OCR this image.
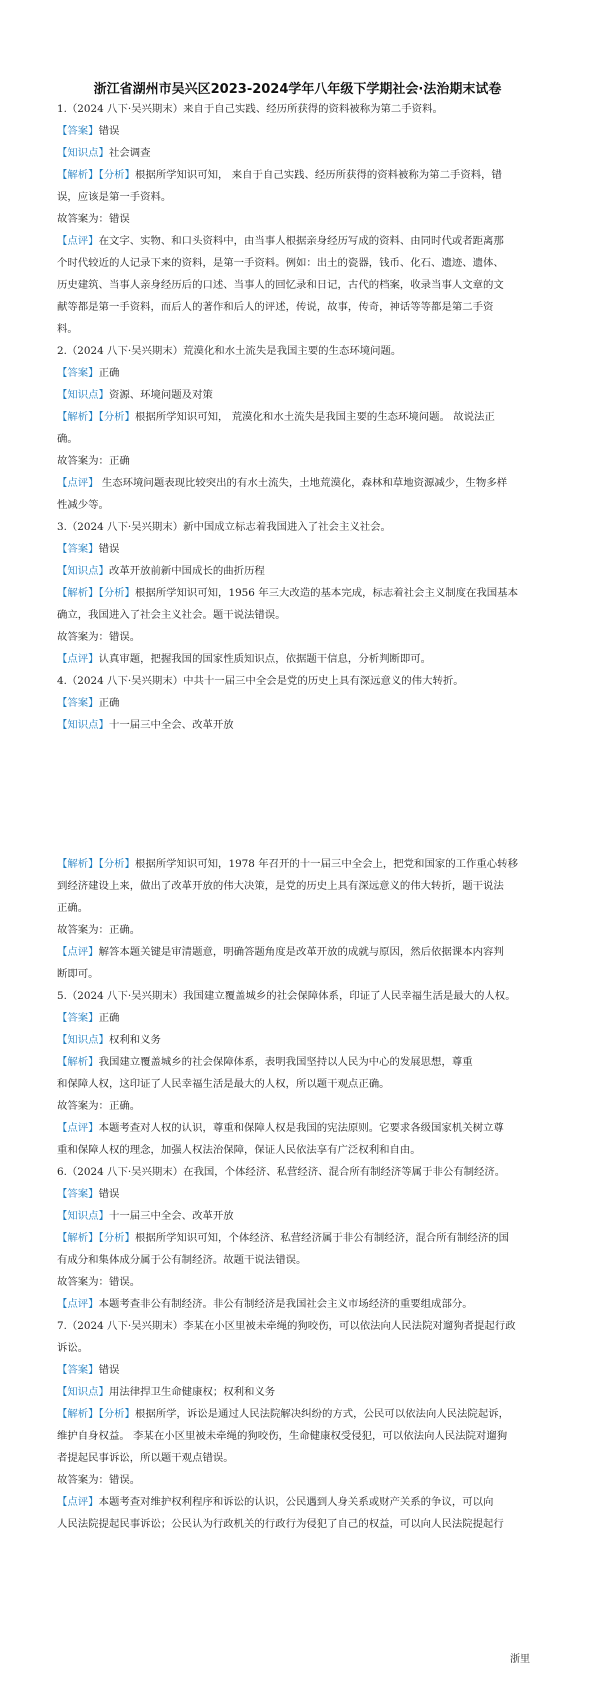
浙江省湖州市吴兴区2023-2024学年八年级下学期社会·法治期末试卷
1.（2024 八下·吴兴期末）来自于自己实践、经历所获得的资料被称为第二手资料。
【答案】错误
【知识点】社会调查
【解析】【分析】根据所学知识可知， 来自于自己实践、经历所获得的资料被称为第二手资料，错
误，应该是第一手资料。
故答案为：错误
【点评】在文字、实物、和口头资料中，由当事人根据亲身经历写成的资料、由同时代或者距离那
个时代较近的人记录下来的资料，是第一手资料。例如：出土的瓷器，钱币、化石、遗迹、遗体、
历史建筑、当事人亲身经历后的口述、当事人的回忆录和日记，古代的档案，收录当事人文章的文
献等都是第一手资料，而后人的著作和后人的评述，传说，故事，传奇，神话等等都是第二手资
料。
2.（2024 八下·吴兴期末）荒漠化和水土流失是我国主要的生态环境问题。
【答案】正确
【知识点】资源、环境问题及对策
【解析】【分析】根据所学知识可知， 荒漠化和水土流失是我国主要的生态环境问题。 故说法正
确。
故答案为：正确
【点评】 生态环境问题表现比较突出的有水土流失，土地荒漠化，森林和草地资源减少，生物多样
性减少等。
3.（2024 八下·吴兴期末）新中国成立标志着我国进入了社会主义社会。
【答案】错误
【知识点】改革开放前新中国成长的曲折历程
【解析】【分析】根据所学知识可知，1956 年三大改造的基本完成，标志着社会主义制度在我国基本
确立，我国进入了社会主义社会。题干说法错误。
故答案为：错误。
【点评】认真审题，把握我国的国家性质知识点，依据题干信息，分析判断即可。
4.（2024 八下·吴兴期末）中共十一届三中全会是党的历史上具有深远意义的伟大转折。
【答案】正确
【知识点】十一届三中全会、改革开放
【解析】【分析】根据所学知识可知，1978 年召开的十一届三中全会上，把党和国家的工作重心转移
到经济建设上来，做出了改革开放的伟大决策，是党的历史上具有深远意义的伟大转折，题干说法
正确。
故答案为：正确。
【点评】解答本题关键是审清题意，明确答题角度是改革开放的成就与原因，然后依据课本内容判
断即可。
5.（2024 八下·吴兴期末）我国建立覆盖城乡的社会保障体系，印证了人民幸福生活是最大的人权。
【答案】正确
【知识点】权利和义务
【解析】我国建立覆盖城乡的社会保障体系，表明我国坚持以人民为中心的发展思想，尊重
和保障人权，这印证了人民幸福生活是最大的人权，所以题干观点正确。
故答案为：正确。
【点评】本题考查对人权的认识，尊重和保障人权是我国的宪法原则。它要求各级国家机关树立尊
重和保障人权的理念，加强人权法治保障，保证人民依法享有广泛权利和自由。
6.（2024 八下·吴兴期末）在我国，个体经济、私营经济、混合所有制经济等属于非公有制经济。
【答案】错误
【知识点】十一届三中全会、改革开放
【解析】【分析】根据所学知识可知，个体经济、私营经济属于非公有制经济，混合所有制经济的国
有成分和集体成分属于公有制经济。故题干说法错误。
故答案为：错误。
【点评】本题考查非公有制经济。非公有制经济是我国社会主义市场经济的重要组成部分。
7.（2024 八下·吴兴期末）李某在小区里被未牵绳的狗咬伤，可以依法向人民法院对遛狗者提起行政
诉讼。
【答案】错误
【知识点】用法律捍卫生命健康权；权利和义务
【解析】【分析】根据所学，诉讼是通过人民法院解决纠纷的方式，公民可以依法向人民法院起诉，
维护自身权益。 李某在小区里被未牵绳的狗咬伤，生命健康权受侵犯，可以依法向人民法院对遛狗
者提起民事诉讼，所以题干观点错误。
故答案为：错误。
【点评】本题考查对维护权利程序和诉讼的认识，公民遇到人身关系或财产关系的争议，可以向
人民法院提起民事诉讼；公民认为行政机关的行政行为侵犯了自己的权益，可以向人民法院提起行
浙里
